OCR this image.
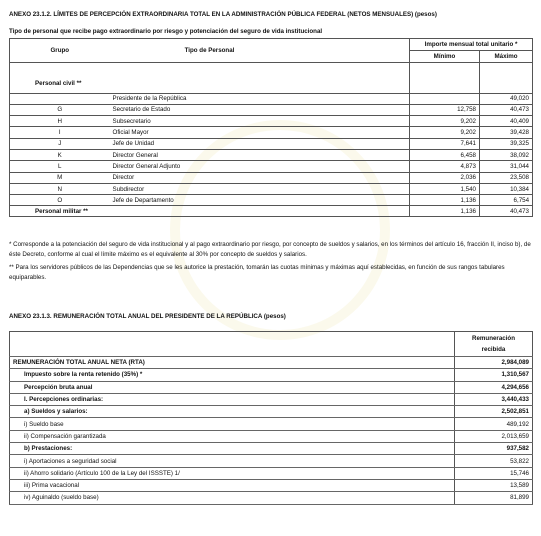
ANEXO 23.1.2. LÍMITES DE PERCEPCIÓN EXTRAORDINARIA TOTAL EN LA ADMINISTRACIÓN PÚBLICA FEDERAL (NETOS MENSUALES) (pesos)
Tipo de personal que recibe pago extraordinario por riesgo y potenciación del seguro de vida institucional
Grupo	Tipo de Personal		Importe mensual total unitario *	
			Mínimo	Máximo

Personal civil **				

	Presidente de la República			49,020
G	Secretario de Estado		12,758	40,473
H	Subsecretario		9,202	40,409
I	Oficial Mayor		9,202	39,428
J	Jefe de Unidad		7,641	39,325
K	Director General		6,458	38,092
L	Director General Adjunto		4,873	31,044
M	Director		2,036	23,508
N	Subdirector		1,540	10,384
O	Jefe de Departamento		1,136	6,754
Personal militar **			1,136	40,473
* Corresponde a la potenciación del seguro de vida institucional y al pago extraordinario por riesgo, por concepto de sueldos y salarios, en los términos del artículo 16, fracción II, inciso b), de éste Decreto, conforme al cual el límite máximo es el equivalente al 30% por concepto de sueldos y salarios.
** Para los servidores públicos de las Dependencias que se les autorice la prestación, tomarán las cuotas mínimas y máximas aquí establecidas, en función de sus rangos tabulares equiparables.
ANEXO 23.1.3. REMUNERACIÓN TOTAL ANUAL DEL PRESIDENTE DE LA REPÚBLICA (pesos)

	Remuneración
recibida

REMUNERACIÓN TOTAL ANUAL NETA (RTA)	2,984,089
Impuesto sobre la renta retenido (35%) *	1,310,567
Percepción bruta anual	4,294,656
I. Percepciones ordinarias:	3,440,433
a) Sueldos y salarios:	2,502,851
i) Sueldo base	489,192
ii) Compensación garantizada	2,013,659
b) Prestaciones:	937,582
i) Aportaciones a seguridad social	53,822
ii) Ahorro solidario (Artículo 100 de la Ley del ISSSTE) 1/	15,746
iii) Prima vacacional	13,589
iv) Aguinaldo (sueldo base)	81,899
